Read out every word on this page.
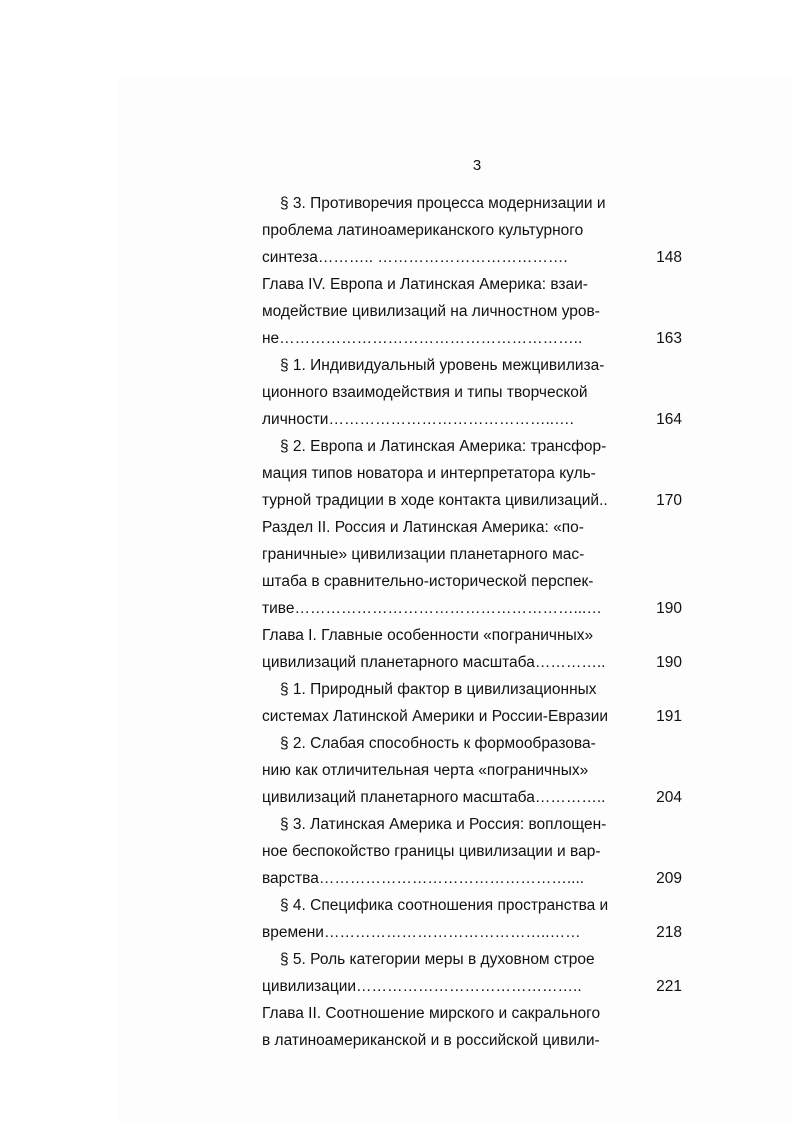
3
§ 3. Противоречия процесса модернизации и
проблема латиноамериканского культурного
синтеза……….. ……………………………….	148
Глава IV. Европа и Латинская Америка: взаи-
модействие цивилизаций на личностном уров-
не…………………………………………………..	163
§ 1. Индивидуальный уровень межцивилиза-
ционного взаимодействия и типы творческой
личности……………………………………..….	164
§ 2. Европа и Латинская Америка: трансфор-
мация типов новатора и интерпретатора куль-
турной традиции в ходе контакта цивилизаций..	170
Раздел II. Россия и Латинская Америка: «по-
граничные» цивилизации планетарного мас-
штаба в сравнительно-исторической перспек-
тиве………………………………………………...…	190
Глава I. Главные особенности «пограничных»
цивилизаций планетарного масштаба…………..	190
§ 1. Природный фактор в цивилизационных
системах Латинской Америки и России-Евразии	191
§ 2. Слабая способность к формообразова-
нию как отличительная черта «пограничных»
цивилизаций планетарного масштаба…………..	204
§ 3. Латинская Америка и Россия: воплощен-
ное беспокойство границы цивилизации и вар-
варства…………………………………………....	209
§ 4. Специфика соотношения пространства и
времени……………………………………..……	218
§ 5. Роль категории меры в духовном строе
цивилизации……………………………………..	221
Глава II. Соотношение мирского и сакрального
в латиноамериканской и в российской цивили-
